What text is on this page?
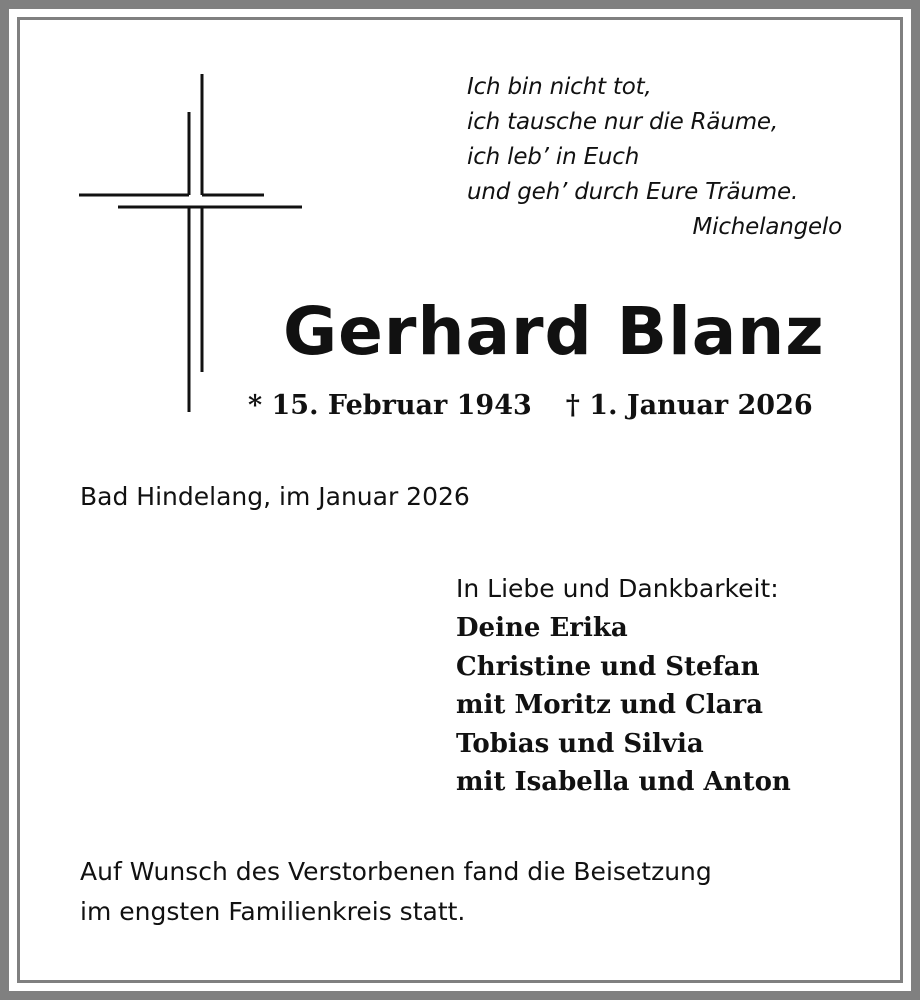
Ich bin nicht tot,
ich tausche nur die Räume,
ich leb’ in Euch
und geh’ durch Eure Träume.
Michelangelo
Gerhard Blanz
* 15. Februar 1943 † 1. Januar 2026
Bad Hindelang, im Januar 2026
In Liebe und Dankbarkeit:
Deine Erika
Christine und Stefan
mit Moritz und Clara
Tobias und Silvia
mit Isabella und Anton
Auf Wunsch des Verstorbenen fand die Beisetzung
im engsten Familienkreis statt.
